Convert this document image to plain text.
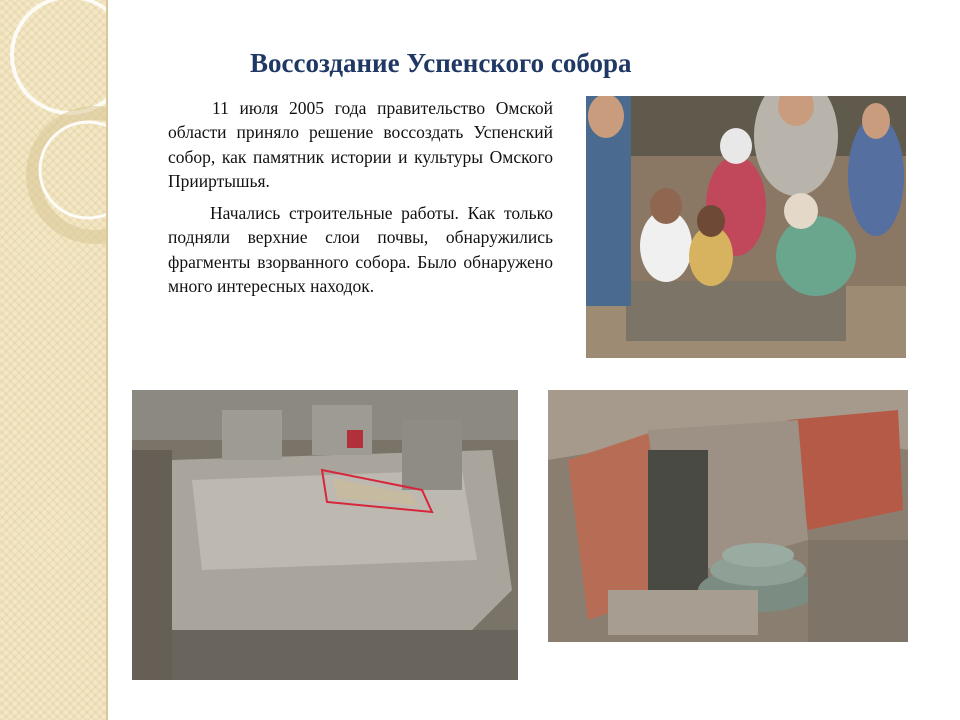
Воссоздание Успенского собора

11 июля 2005 года правительство Омской области приняло решение воссоздать Успенский собор, как памятник истории и культуры Омского Прииртышья.

Начались строительные работы. Как только подняли верхние слои почвы, обнаружились фрагменты взорванного собора. Было обнаружено много интересных находок.
